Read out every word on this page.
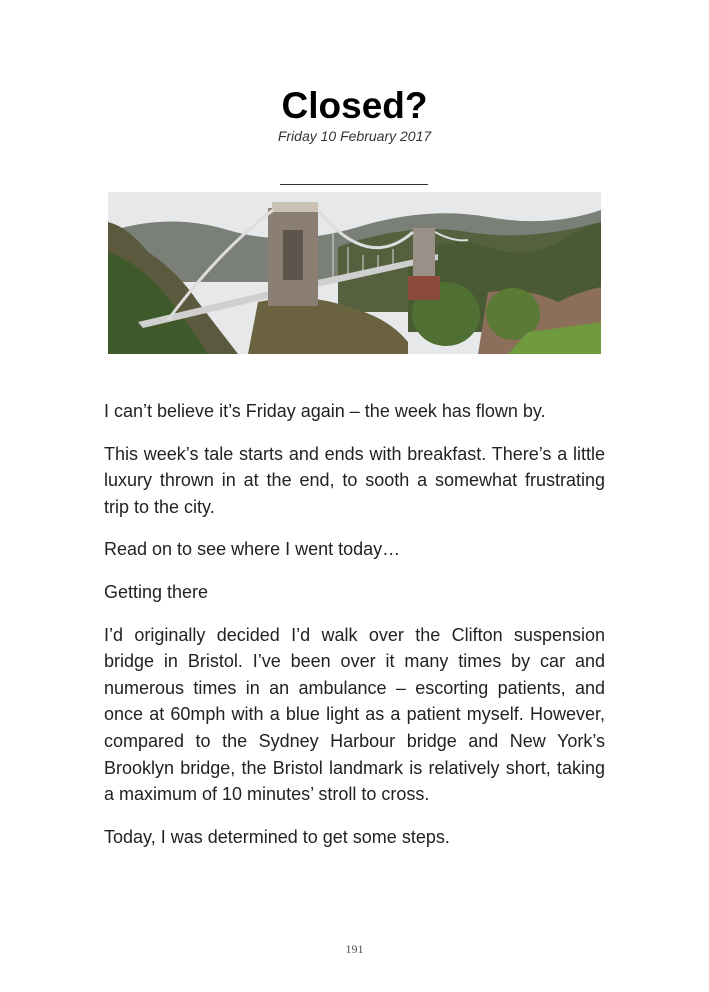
Closed?
Friday 10 February 2017

I can’t believe it’s Friday again – the week has flown by.

This week’s tale starts and ends with breakfast. There’s a little luxury thrown in at the end, to sooth a somewhat frustrating trip to the city.

Read on to see where I went today…

Getting there

I’d originally decided I’d walk over the Clifton suspension bridge in Bristol. I’ve been over it many times by car and numerous times in an ambulance – escorting patients, and once at 60mph with a blue light as a patient myself. However, compared to the Sydney Harbour bridge and New York’s Brooklyn bridge, the Bristol landmark is relatively short, taking a maximum of 10 minutes’ stroll to cross.

Today, I was determined to get some steps.

191
